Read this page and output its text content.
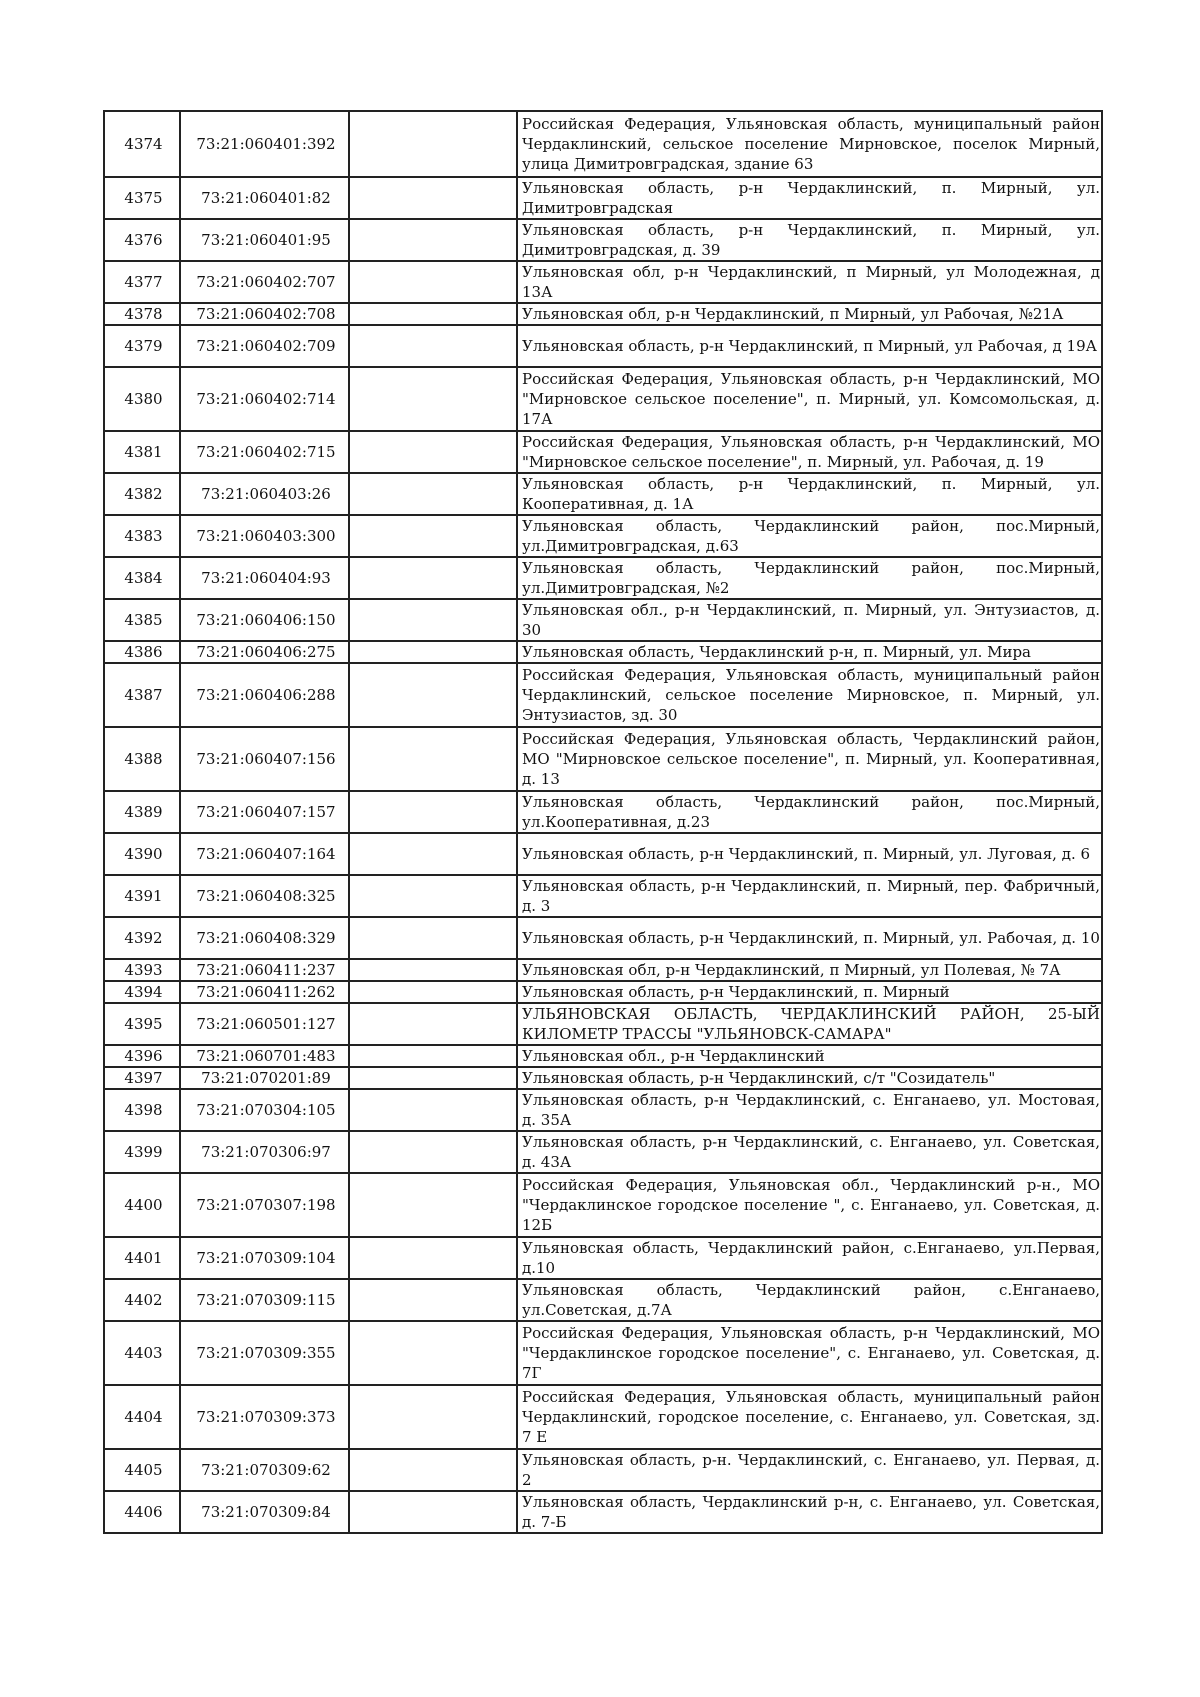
4374	73:21:060401:392		Российская Федерация, Ульяновская область, муниципальный район Чердаклинский, сельское поселение Мирновское, поселок Мирный, улица Димитровградская, здание 63

4375	73:21:060401:82		Ульяновская область, р-н Чердаклинский, п. Мирный, ул. Димитровградская

4376	73:21:060401:95		Ульяновская область, р-н Чердаклинский, п. Мирный, ул. Димитровградская, д. 39

4377	73:21:060402:707		Ульяновская обл, р-н Чердаклинский, п Мирный, ул Молодежная, д 13А

4378	73:21:060402:708		Ульяновская обл, р-н Чердаклинский, п Мирный, ул Рабочая, №21А

4379	73:21:060402:709		Ульяновская область, р-н Чердаклинский, п Мирный, ул Рабочая, д 19А

4380	73:21:060402:714		Российская Федерация, Ульяновская область, р-н Чердаклинский, МО "Мирновское сельское поселение", п. Мирный, ул. Комсомольская, д. 17А

4381	73:21:060402:715		Российская Федерация, Ульяновская область, р-н Чердаклинский, МО "Мирновское сельское поселение", п. Мирный, ул. Рабочая, д. 19

4382	73:21:060403:26		Ульяновская область, р-н Чердаклинский, п. Мирный, ул. Кооперативная, д. 1А

4383	73:21:060403:300		Ульяновская область, Чердаклинский район, пос.Мирный, ул.Димитровградская, д.63

4384	73:21:060404:93		Ульяновская область, Чердаклинский район, пос.Мирный, ул.Димитровградская, №2

4385	73:21:060406:150		Ульяновская обл., р-н Чердаклинский, п. Мирный, ул. Энтузиастов, д. 30

4386	73:21:060406:275		Ульяновская область, Чердаклинский р-н, п. Мирный, ул. Мира

4387	73:21:060406:288		Российская Федерация, Ульяновская область, муниципальный район Чердаклинский, сельское поселение Мирновское, п. Мирный, ул. Энтузиастов, зд. 30

4388	73:21:060407:156		Российская Федерация, Ульяновская область, Чердаклинский район, МО "Мирновское сельское поселение", п. Мирный, ул. Кооперативная, д. 13

4389	73:21:060407:157		Ульяновская область, Чердаклинский район, пос.Мирный, ул.Кооперативная, д.23

4390	73:21:060407:164		Ульяновская область, р-н Чердаклинский, п. Мирный, ул. Луговая, д. 6

4391	73:21:060408:325		Ульяновская область, р-н Чердаклинский, п. Мирный, пер. Фабричный, д. 3

4392	73:21:060408:329		Ульяновская область, р-н Чердаклинский, п. Мирный, ул. Рабочая, д. 10

4393	73:21:060411:237		Ульяновская обл, р-н Чердаклинский, п Мирный, ул Полевая, № 7А

4394	73:21:060411:262		Ульяновская область, р-н Чердаклинский, п. Мирный

4395	73:21:060501:127		УЛЬЯНОВСКАЯ ОБЛАСТЬ, ЧЕРДАКЛИНСКИЙ РАЙОН, 25-ЫЙ КИЛОМЕТР ТРАССЫ "УЛЬЯНОВСК-САМАРА"

4396	73:21:060701:483		Ульяновская обл., р-н Чердаклинский

4397	73:21:070201:89		Ульяновская область, р-н Чердаклинский, с/т "Созидатель"

4398	73:21:070304:105		Ульяновская область, р-н Чердаклинский, с. Енганаево, ул. Мостовая, д. 35А

4399	73:21:070306:97		Ульяновская область, р-н Чердаклинский, с. Енганаево, ул. Советская, д. 43А

4400	73:21:070307:198		Российская Федерация, Ульяновская обл., Чердаклинский р-н., МО "Чердаклинское городское поселение ", с. Енганаево, ул. Советская, д. 12Б

4401	73:21:070309:104		Ульяновская область, Чердаклинский район, с.Енганаево, ул.Первая, д.10

4402	73:21:070309:115		Ульяновская область, Чердаклинский район, с.Енганаево, ул.Советская, д.7А

4403	73:21:070309:355		Российская Федерация, Ульяновская область, р-н Чердаклинский, МО "Чердаклинское городское поселение", с. Енганаево, ул. Советская, д. 7Г

4404	73:21:070309:373		Российская Федерация, Ульяновская область, муниципальный район Чердаклинский, городское поселение, с. Енганаево, ул. Советская, зд. 7 Е

4405	73:21:070309:62		Ульяновская область, р-н. Чердаклинский, с. Енганаево, ул. Первая, д. 2

4406	73:21:070309:84		Ульяновская область, Чердаклинский р-н, с. Енганаево, ул. Советская, д. 7-Б
